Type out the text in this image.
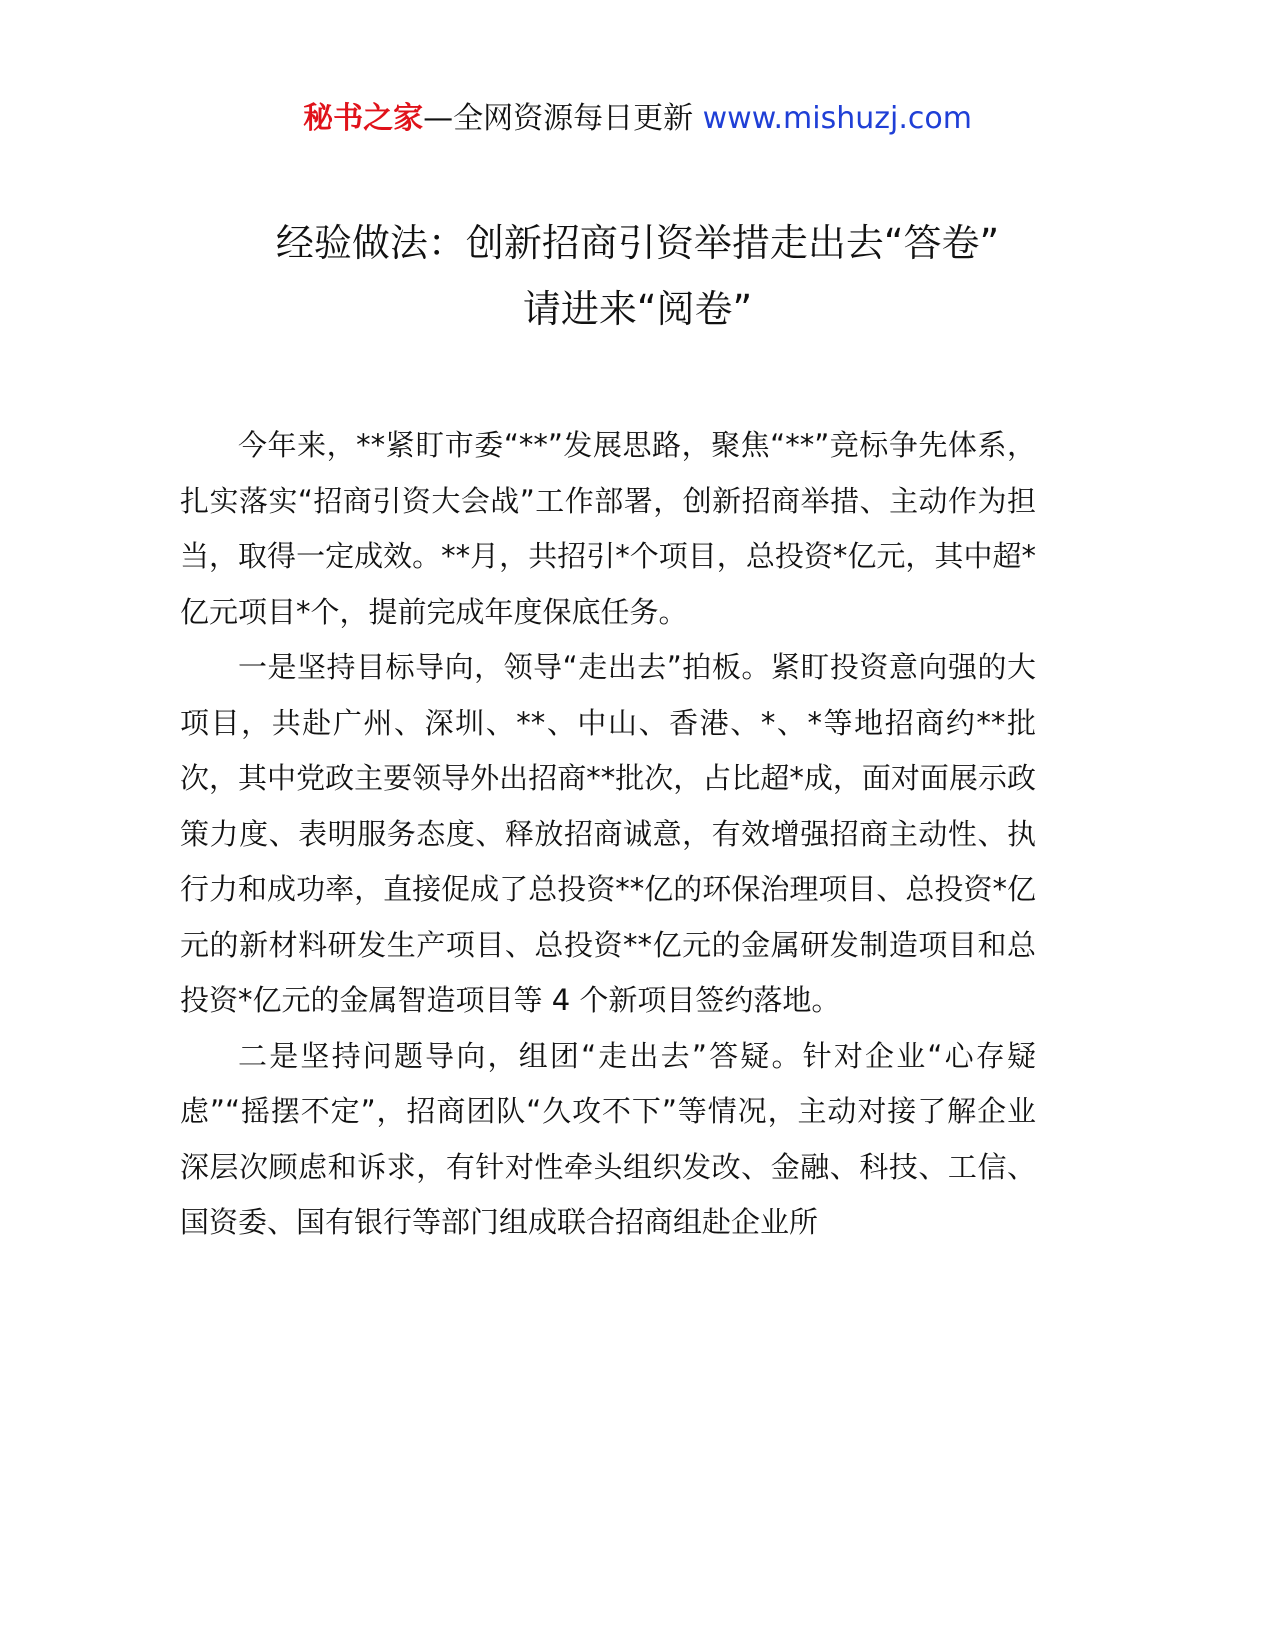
秘书之家—全网资源每日更新 www.mishuzj.com
经验做法：创新招商引资举措走出去“答卷”
请进来“阅卷”

今年来，**紧盯市委“**”发展思路，聚焦“**”竞标争先体系，扎实落实“招商引资大会战”工作部署，创新招商举措、主动作为担当，取得一定成效。**月，共招引*个项目，总投资*亿元，其中超*亿元项目*个，提前完成年度保底任务。

一是坚持目标导向，领导“走出去”拍板。紧盯投资意向强的大项目，共赴广州、深圳、**、中山、香港、*、*等地招商约**批次，其中党政主要领导外出招商**批次，占比超*成，面对面展示政策力度、表明服务态度、释放招商诚意，有效增强招商主动性、执行力和成功率，直接促成了总投资**亿的环保治理项目、总投资*亿元的新材料研发生产项目、总投资**亿元的金属研发制造项目和总投资*亿元的金属智造项目等 4 个新项目签约落地。

二是坚持问题导向，组团“走出去”答疑。针对企业“心存疑虑”“摇摆不定”，招商团队“久攻不下”等情况，主动对接了解企业深层次顾虑和诉求，有针对性牵头组织发改、金融、科技、工信、国资委、国有银行等部门组成联合招商组赴企业所
